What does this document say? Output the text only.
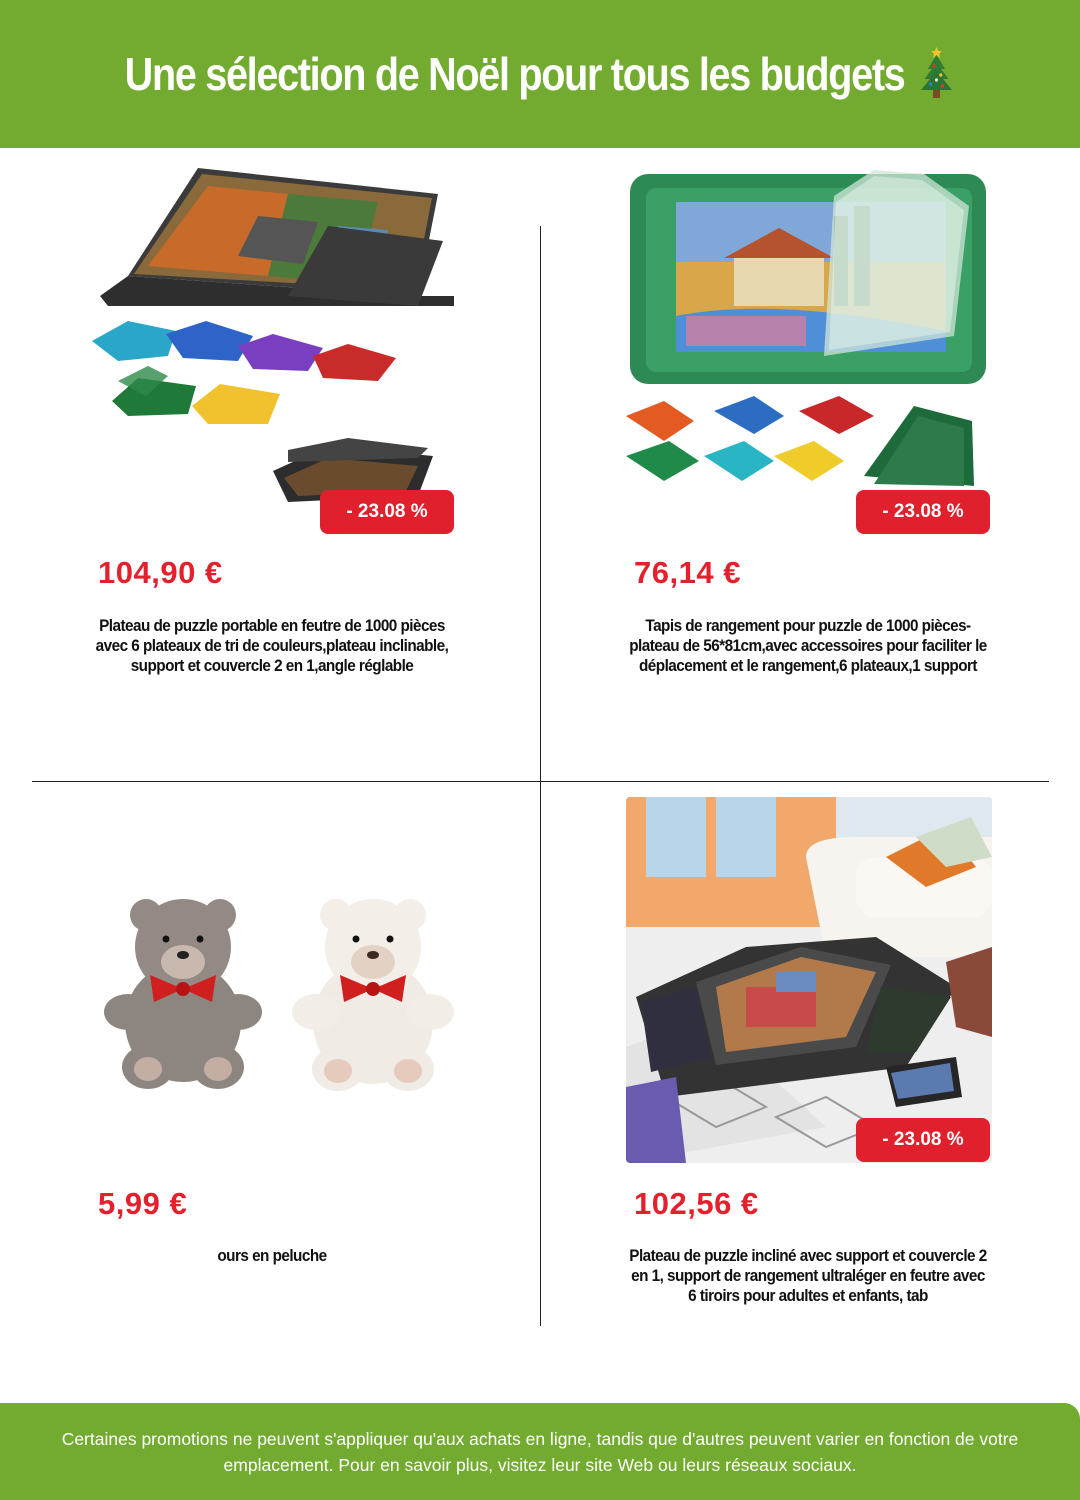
Une sélection de Noël pour tous les budgets
- 23.08 %
104,90 €
Plateau de puzzle portable en feutre de 1000 pièces avec 6 plateaux de tri de couleurs,plateau inclinable, support et couvercle 2 en 1,angle réglable
- 23.08 %
76,14 €
Tapis de rangement pour puzzle de 1000 pièces-plateau de 56*81cm,avec accessoires pour faciliter le déplacement et le rangement,6 plateaux,1 support
5,99 €
ours en peluche
- 23.08 %
102,56 €
Plateau de puzzle incliné avec support et couvercle 2 en 1, support de rangement ultraléger en feutre avec 6 tiroirs pour adultes et enfants, tab
Certaines promotions ne peuvent s'appliquer qu'aux achats en ligne, tandis que d'autres peuvent varier en fonction de votre emplacement. Pour en savoir plus, visitez leur site Web ou leurs réseaux sociaux.
